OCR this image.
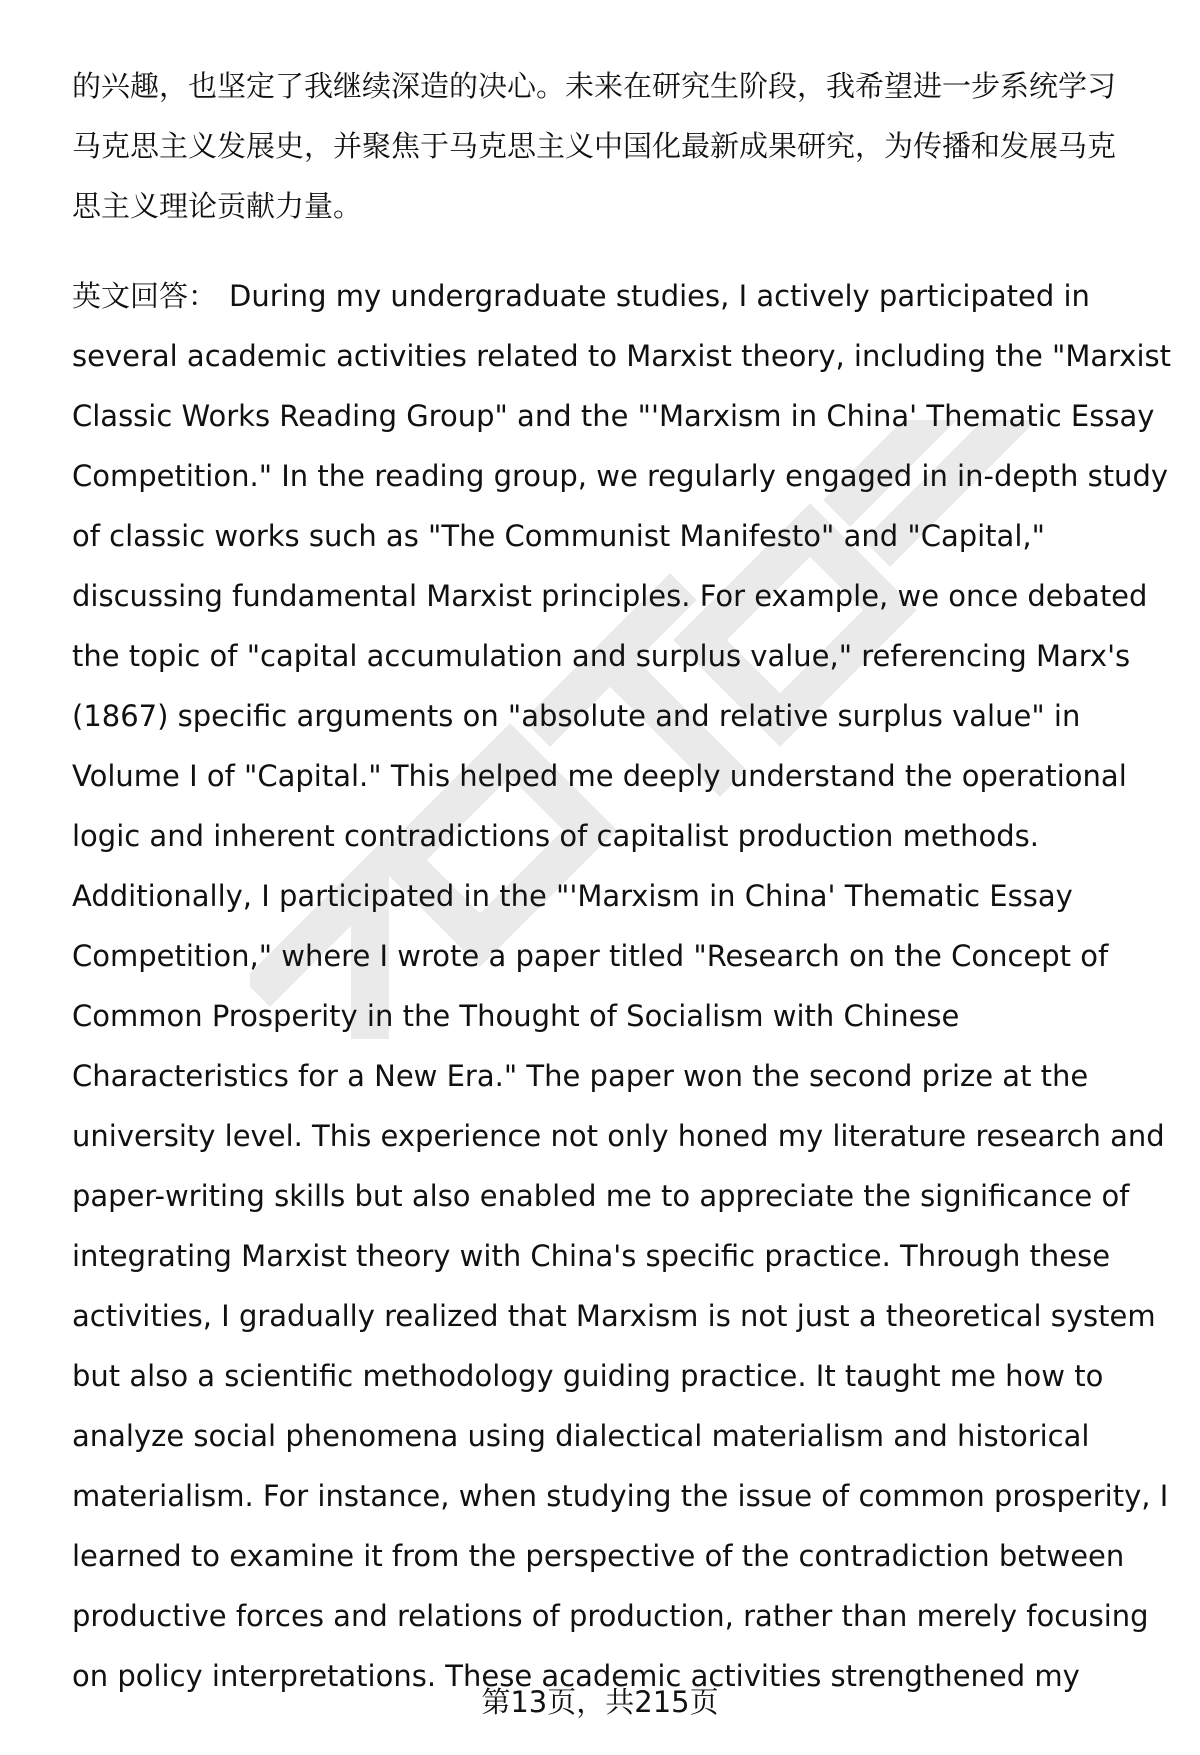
的兴趣，也坚定了我继续深造的决心。未来在研究生阶段，我希望进一步系统学习
马克思主义发展史，并聚焦于马克思主义中国化最新成果研究，为传播和发展马克
思主义理论贡献力量。
英文回答： During my undergraduate studies, I actively participated in
several academic activities related to Marxist theory, including the "Marxist
Classic Works Reading Group" and the "'Marxism in China' Thematic Essay
Competition." In the reading group, we regularly engaged in in-depth study
of classic works such as "The Communist Manifesto" and "Capital,"
discussing fundamental Marxist principles. For example, we once debated
the topic of "capital accumulation and surplus value," referencing Marx's
(1867) specific arguments on "absolute and relative surplus value" in
Volume I of "Capital." This helped me deeply understand the operational
logic and inherent contradictions of capitalist production methods.
Additionally, I participated in the "'Marxism in China' Thematic Essay
Competition," where I wrote a paper titled "Research on the Concept of
Common Prosperity in the Thought of Socialism with Chinese
Characteristics for a New Era." The paper won the second prize at the
university level. This experience not only honed my literature research and
paper-writing skills but also enabled me to appreciate the significance of
integrating Marxist theory with China's specific practice. Through these
activities, I gradually realized that Marxism is not just a theoretical system
but also a scientific methodology guiding practice. It taught me how to
analyze social phenomena using dialectical materialism and historical
materialism. For instance, when studying the issue of common prosperity, I
learned to examine it from the perspective of the contradiction between
productive forces and relations of production, rather than merely focusing
on policy interpretations. These academic activities strengthened my
第13页，共215页
